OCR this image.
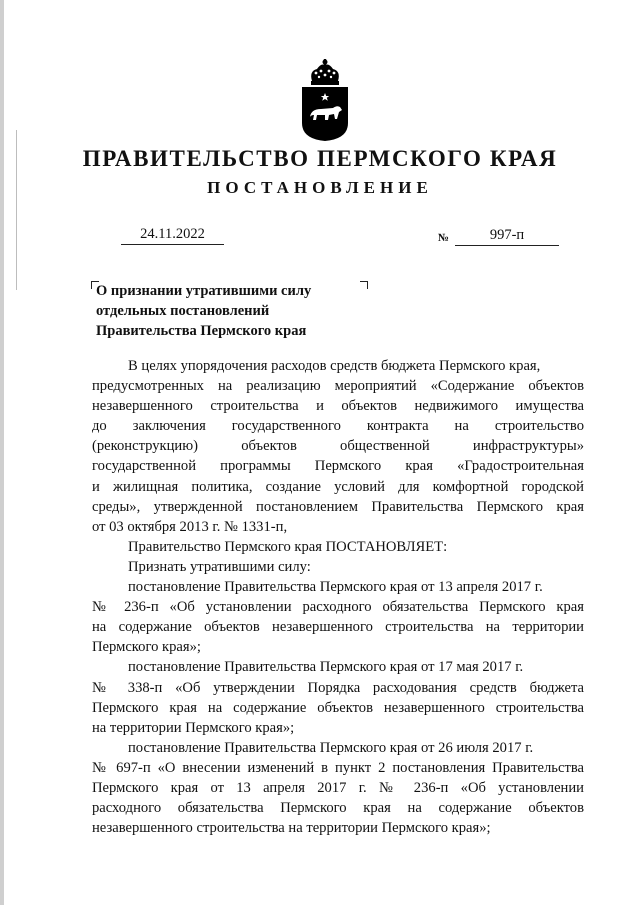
ПРАВИТЕЛЬСТВО ПЕРМСКОГО КРАЯ
ПОСТАНОВЛЕНИЕ
24.11.2022	№	997-п
О признании утратившими силу
отдельных постановлений
Правительства Пермского края
В целях упорядочения расходов средств бюджета Пермского края,
предусмотренных на реализацию мероприятий «Содержание объектов
незавершенного строительства и объектов недвижимого имущества
до заключения государственного контракта на строительство
(реконструкцию) объектов общественной инфраструктуры»
государственной программы Пермского края «Градостроительная
и жилищная политика, создание условий для комфортной городской
среды», утвержденной постановлением Правительства Пермского края
от 03 октября 2013 г. № 1331-п,
Правительство Пермского края ПОСТАНОВЛЯЕТ:
Признать утратившими силу:
постановление Правительства Пермского края от 13 апреля 2017 г.
№ 236-п «Об установлении расходного обязательства Пермского края
на содержание объектов незавершенного строительства на территории
Пермского края»;
постановление Правительства Пермского края от 17 мая 2017 г.
№ 338-п «Об утверждении Порядка расходования средств бюджета
Пермского края на содержание объектов незавершенного строительства
на территории Пермского края»;
постановление Правительства Пермского края от 26 июля 2017 г.
№ 697-п «О внесении изменений в пункт 2 постановления Правительства
Пермского края от 13 апреля 2017 г. № 236-п «Об установлении
расходного обязательства Пермского края на содержание объектов
незавершенного строительства на территории Пермского края»;
